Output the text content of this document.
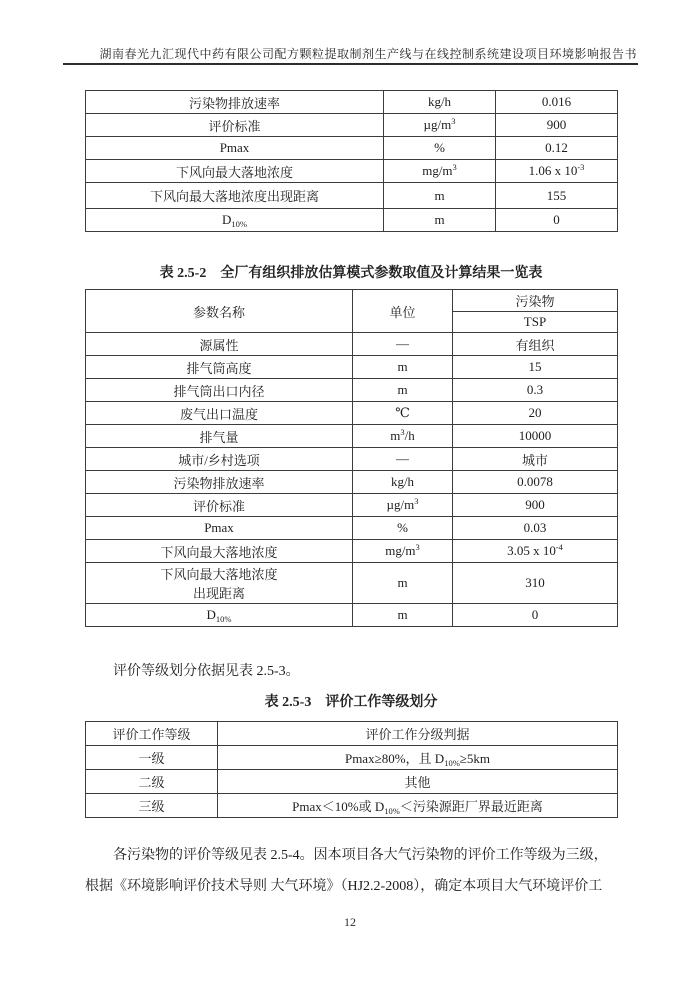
湖南春光九汇现代中药有限公司配方颗粒提取制剂生产线与在线控制系统建设项目环境影响报告书
污染物排放速率	kg/h	0.016
评价标准	$\mu g/m^3$	900
Pmax	%	0.12
下风向最大落地浓度	$mg/m^3$	1.06 x $10^{-3}$
下风向最大落地浓度出现距离	m	155
$D_{10\%}$	m	0
表 2.5-2　全厂有组织排放估算模式参数取值及计算结果一览表
参数名称	单位	污染物
		TSP
源属性	—	有组织
排气筒高度	m	15
排气筒出口内径	m	0.3
废气出口温度	℃	20
排气量	$m^3/h$	10000
城市/乡村选项	—	城市
污染物排放速率	kg/h	0.0078
评价标准	$\mu g/m^3$	900
Pmax	%	0.03
下风向最大落地浓度	$mg/m^3$	3.05 x $10^{-4}$
下风向最大落地浓度
出现距离	m	310
$D_{10\%}$	m	0
评价等级划分依据见表 2.5-3。
表 2.5-3　评价工作等级划分
评价工作等级	评价工作分级判据
一级	Pmax≥80%，且 $D_{10\%}\ge 5km$
二级	其他
三级	Pmax＜10%或 $D_{10\%}<$污染源距厂界最近距离
各污染物的评价等级见表 2.5-4。因本项目各大气污染物的评价工作等级为三级，
根据《环境影响评价技术导则 大气环境》（HJ2.2-2008），确定本项目大气环境评价工
12
